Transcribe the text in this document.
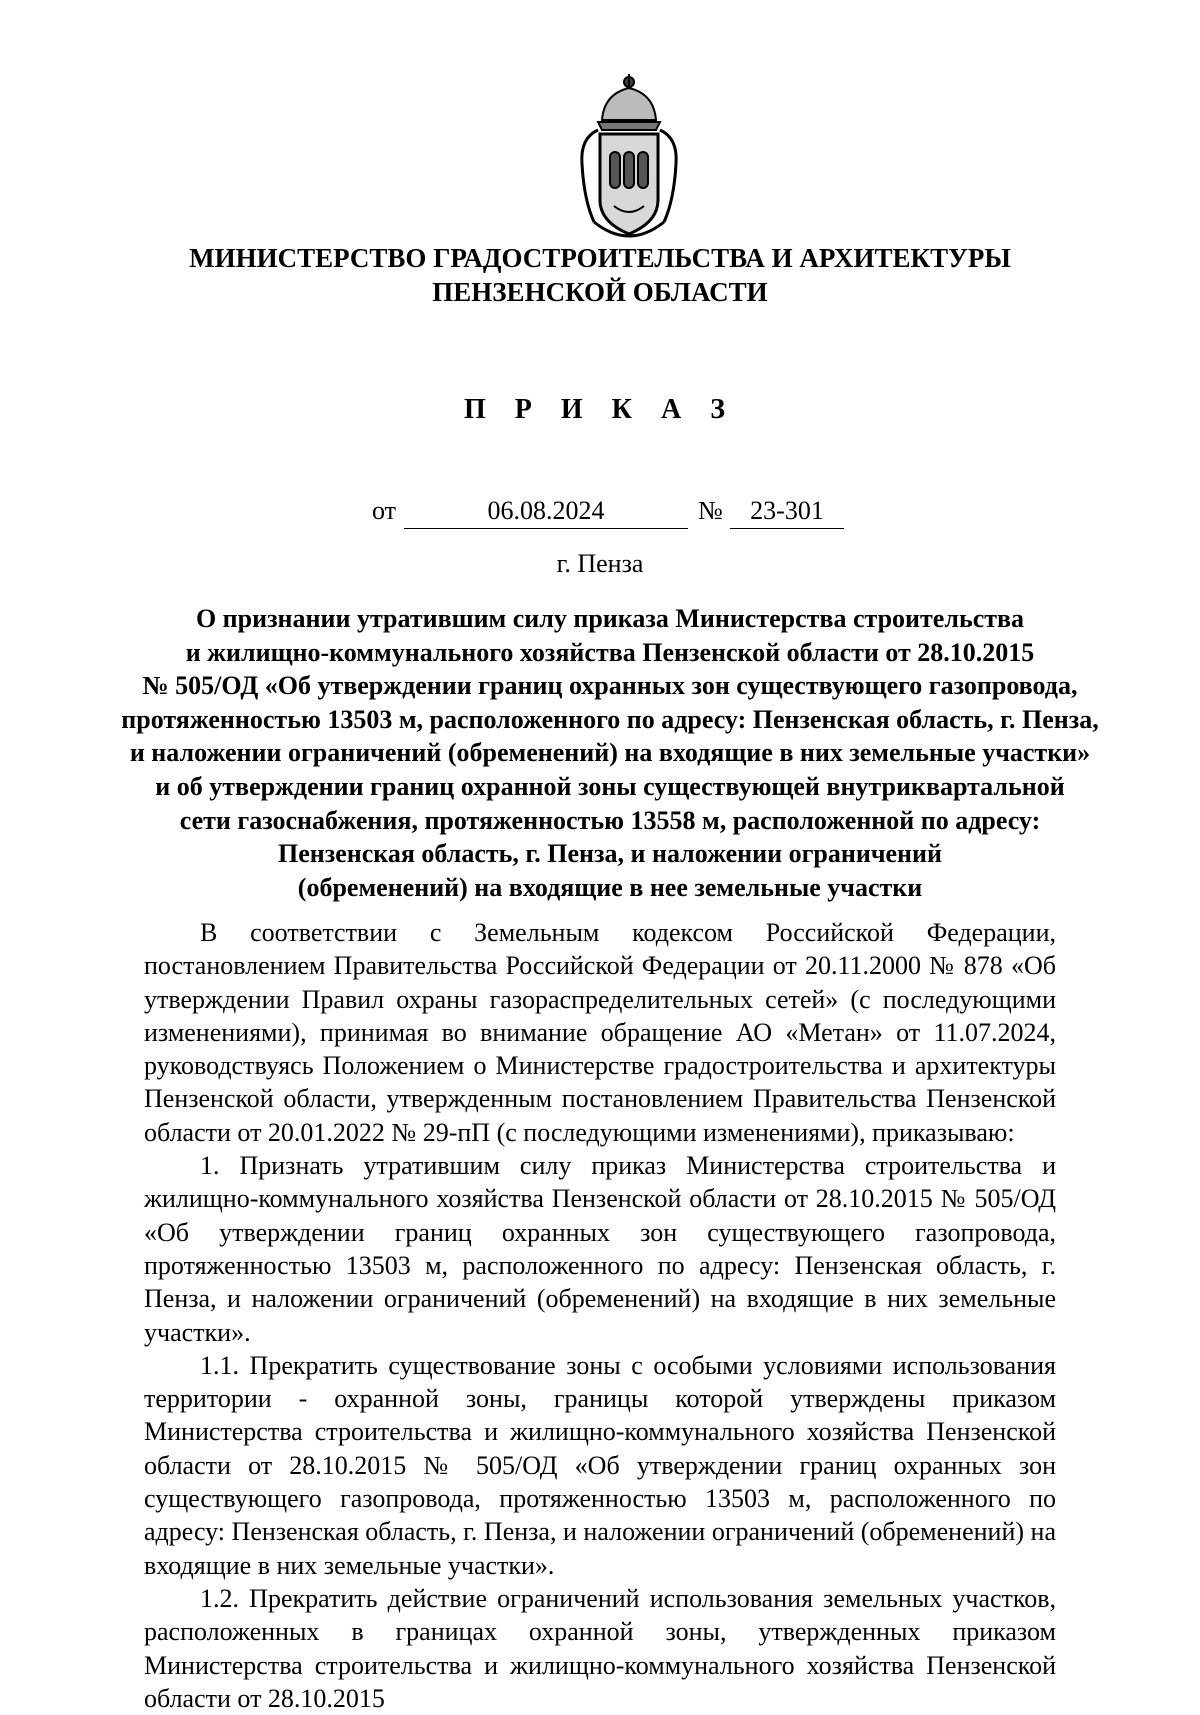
МИНИСТЕРСТВО ГРАДОСТРОИТЕЛЬСТВА И АРХИТЕКТУРЫ
ПЕНЗЕНСКОЙ ОБЛАСТИ
П Р И К А З
от	06.08.2024	№	23-301
г. Пенза
О признании утратившим силу приказа Министерства строительства
и жилищно-коммунального хозяйства Пензенской области от 28.10.2015
№ 505/ОД «Об утверждении границ охранных зон существующего газопровода,
протяженностью 13503 м, расположенного по адресу: Пензенская область, г. Пенза,
и наложении ограничений (обременений) на входящие в них земельные участки»
и об утверждении границ охранной зоны существующей внутриквартальной
сети газоснабжения, протяженностью 13558 м, расположенной по адресу:
Пензенская область, г. Пенза, и наложении ограничений
(обременений) на входящие в нее земельные участки

В соответствии с Земельным кодексом Российской Федерации, постановлением Правительства Российской Федерации от 20.11.2000 № 878 «Об утверждении Правил охраны газораспределительных сетей» (с последующими изменениями), принимая во внимание обращение АО «Метан» от 11.07.2024, руководствуясь Положением о Министерстве градостроительства и архитектуры Пензенской области, утвержденным постановлением Правительства Пензенской области от 20.01.2022 № 29-пП (с последующими изменениями), приказываю:

1. Признать утратившим силу приказ Министерства строительства и жилищно-коммунального хозяйства Пензенской области от 28.10.2015 № 505/ОД «Об утверждении границ охранных зон существующего газопровода, протяженностью 13503 м, расположенного по адресу: Пензенская область, г. Пенза, и наложении ограничений (обременений) на входящие в них земельные участки».

1.1. Прекратить существование зоны с особыми условиями использования территории - охранной зоны, границы которой утверждены приказом Министерства строительства и жилищно-коммунального хозяйства Пензенской области от 28.10.2015 № 505/ОД «Об утверждении границ охранных зон существующего газопровода, протяженностью 13503 м, расположенного по адресу: Пензенская область, г. Пенза, и наложении ограничений (обременений) на входящие в них земельные участки».

1.2. Прекратить действие ограничений использования земельных участков, расположенных в границах охранной зоны, утвержденных приказом Министерства строительства и жилищно-коммунального хозяйства Пензенской области от 28.10.2015
